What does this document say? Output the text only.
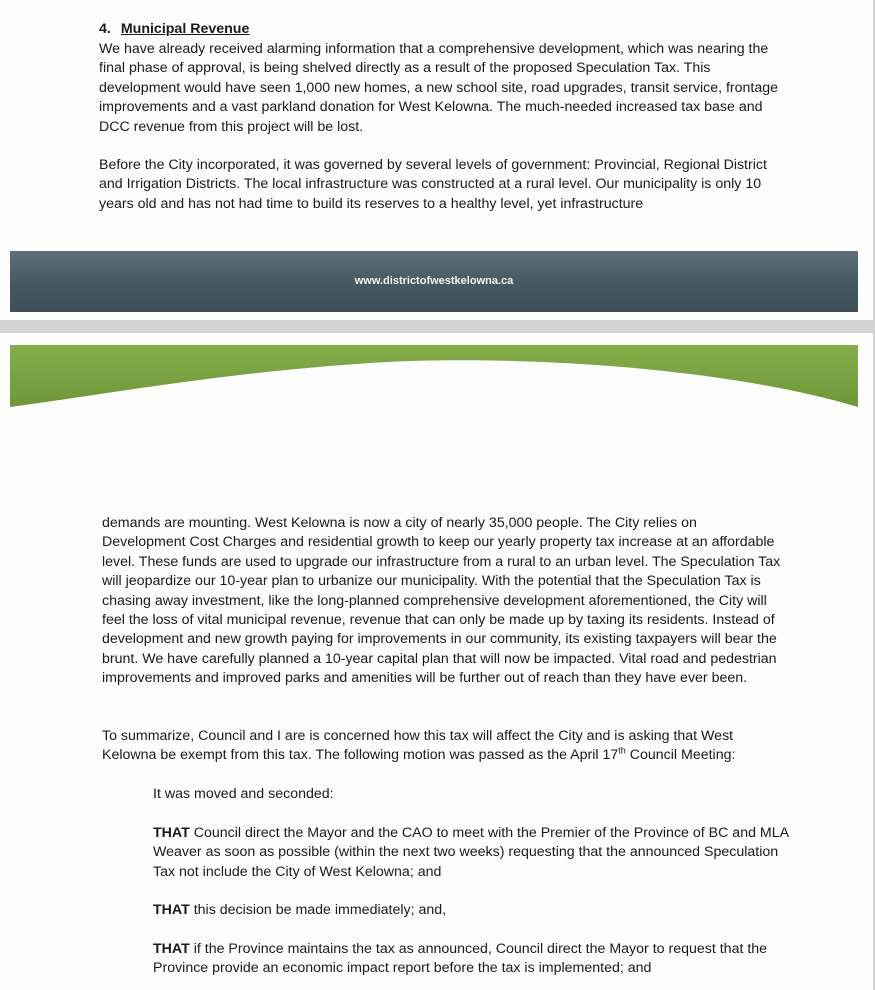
4. Municipal Revenue

We have already received alarming information that a comprehensive development, which was nearing the final phase of approval, is being shelved directly as a result of the proposed Speculation Tax. This development would have seen 1,000 new homes, a new school site, road upgrades, transit service, frontage improvements and a vast parkland donation for West Kelowna. The much-needed increased tax base and DCC revenue from this project will be lost.

Before the City incorporated, it was governed by several levels of government: Provincial, Regional District and Irrigation Districts. The local infrastructure was constructed at a rural level. Our municipality is only 10 years old and has not had time to build its reserves to a healthy level, yet infrastructure

www.districtofwestkelowna.ca

demands are mounting. West Kelowna is now a city of nearly 35,000 people. The City relies on Development Cost Charges and residential growth to keep our yearly property tax increase at an affordable level. These funds are used to upgrade our infrastructure from a rural to an urban level. The Speculation Tax will jeopardize our 10-year plan to urbanize our municipality. With the potential that the Speculation Tax is chasing away investment, like the long-planned comprehensive development aforementioned, the City will feel the loss of vital municipal revenue, revenue that can only be made up by taxing its residents. Instead of development and new growth paying for improvements in our community, its existing taxpayers will bear the brunt. We have carefully planned a 10-year capital plan that will now be impacted. Vital road and pedestrian improvements and improved parks and amenities will be further out of reach than they have ever been.

To summarize, Council and I are is concerned how this tax will affect the City and is asking that West Kelowna be exempt from this tax. The following motion was passed as the April 17th Council Meeting:

It was moved and seconded:

THAT Council direct the Mayor and the CAO to meet with the Premier of the Province of BC and MLA Weaver as soon as possible (within the next two weeks) requesting that the announced Speculation Tax not include the City of West Kelowna; and

THAT this decision be made immediately; and,

THAT if the Province maintains the tax as announced, Council direct the Mayor to request that the Province provide an economic impact report before the tax is implemented; and
